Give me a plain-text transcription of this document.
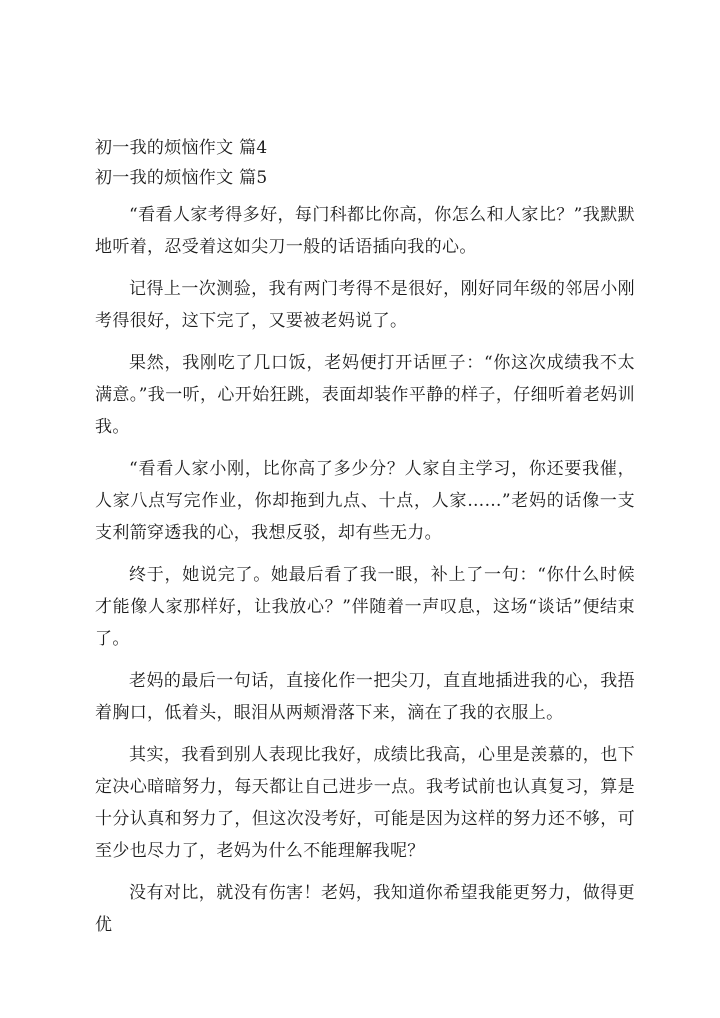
初一我的烦恼作文 篇4
初一我的烦恼作文 篇5

“看看人家考得多好，每门科都比你高，你怎么和人家比？”我默默地听着，忍受着这如尖刀一般的话语插向我的心。

记得上一次测验，我有两门考得不是很好，刚好同年级的邻居小刚考得很好，这下完了，又要被老妈说了。

果然，我刚吃了几口饭，老妈便打开话匣子：“你这次成绩我不太满意。”我一听，心开始狂跳，表面却装作平静的样子，仔细听着老妈训我。

“看看人家小刚，比你高了多少分？人家自主学习，你还要我催，人家八点写完作业，你却拖到九点、十点，人家……”老妈的话像一支支利箭穿透我的心，我想反驳，却有些无力。

终于，她说完了。她最后看了我一眼，补上了一句：“你什么时候才能像人家那样好，让我放心？”伴随着一声叹息，这场“谈话”便结束了。

老妈的最后一句话，直接化作一把尖刀，直直地插进我的心，我捂着胸口，低着头，眼泪从两颊滑落下来，滴在了我的衣服上。

其实，我看到别人表现比我好，成绩比我高，心里是羡慕的，也下定决心暗暗努力，每天都让自己进步一点。我考试前也认真复习，算是十分认真和努力了，但这次没考好，可能是因为这样的努力还不够，可至少也尽力了，老妈为什么不能理解我呢？

没有对比，就没有伤害！老妈，我知道你希望我能更努力，做得更优
